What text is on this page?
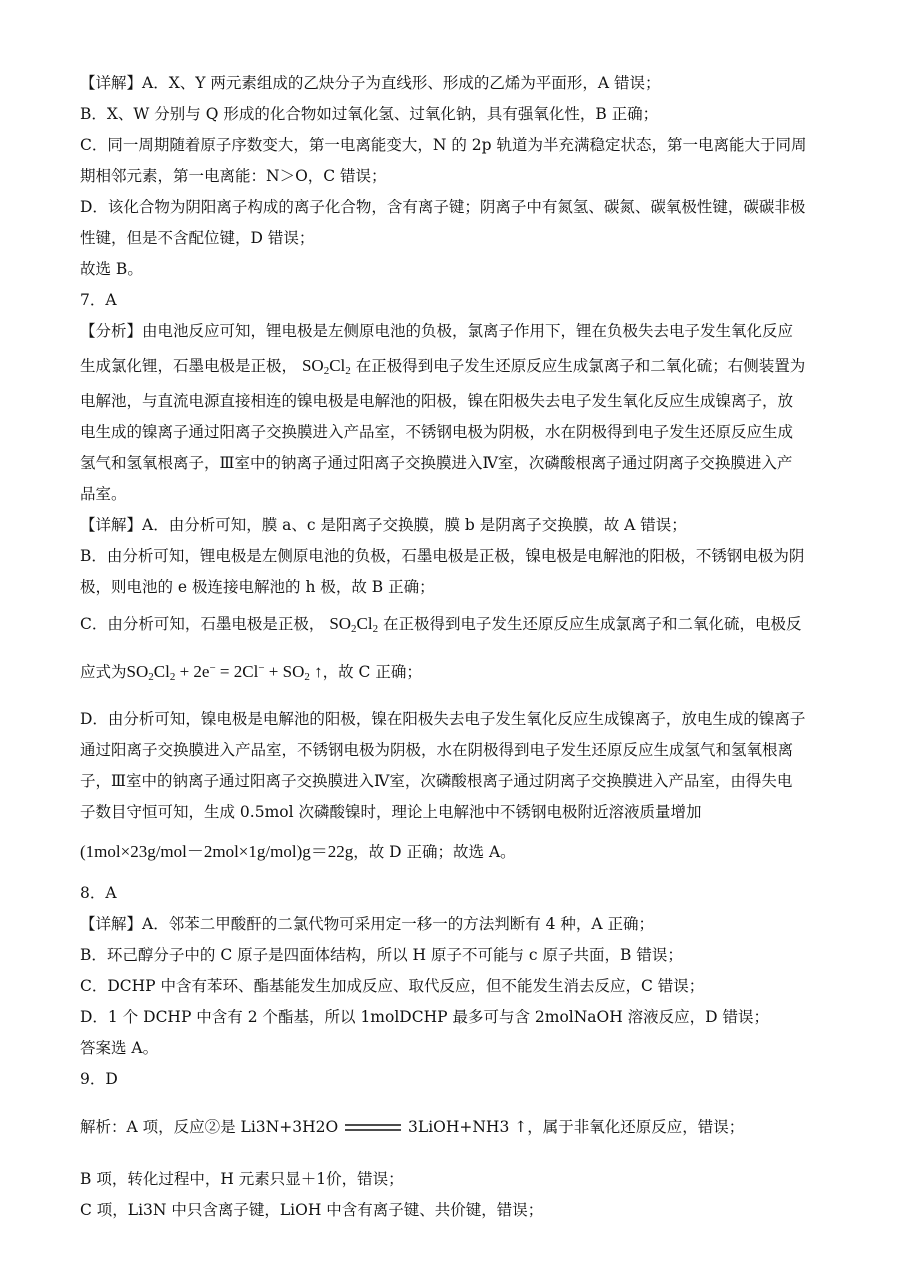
【详解】A．X、Y 两元素组成的乙炔分子为直线形、形成的乙烯为平面形，A 错误；
B．X、W 分别与 Q 形成的化合物如过氧化氢、过氧化钠，具有强氧化性，B 正确；
C．同一周期随着原子序数变大，第一电离能变大，N 的 2p 轨道为半充满稳定状态，第一电离能大于同周
期相邻元素，第一电离能：N＞O，C 错误；
D．该化合物为阴阳离子构成的离子化合物，含有离子键；阴离子中有氮氢、碳氮、碳氧极性键，碳碳非极
性键，但是不含配位键，D 错误；
故选 B。
7．A
【分析】由电池反应可知，锂电极是左侧原电池的负极，氯离子作用下，锂在负极失去电子发生氧化反应
生成氯化锂，石墨电极是正极， $SO_2Cl_2$ 在正极得到电子发生还原反应生成氯离子和二氧化硫；右侧装置为
电解池，与直流电源直接相连的镍电极是电解池的阳极，镍在阳极失去电子发生氧化反应生成镍离子，放
电生成的镍离子通过阳离子交换膜进入产品室，不锈钢电极为阴极，水在阴极得到电子发生还原反应生成
氢气和氢氧根离子，Ⅲ室中的钠离子通过阳离子交换膜进入Ⅳ室，次磷酸根离子通过阴离子交换膜进入产
品室。
【详解】A．由分析可知，膜 a、c 是阳离子交换膜，膜 b 是阴离子交换膜，故 A 错误；
B．由分析可知，锂电极是左侧原电池的负极，石墨电极是正极，镍电极是电解池的阳极，不锈钢电极为阴
极，则电池的 e 极连接电解池的 h 极，故 B 正确；
C．由分析可知，石墨电极是正极， $SO_2Cl_2$ 在正极得到电子发生还原反应生成氯离子和二氧化硫，电极反
应式为$SO_2Cl_2 + 2e^- = 2Cl^- + SO_2$ ↑，故 C 正确；
D．由分析可知，镍电极是电解池的阳极，镍在阳极失去电子发生氧化反应生成镍离子，放电生成的镍离子
通过阳离子交换膜进入产品室，不锈钢电极为阴极，水在阴极得到电子发生还原反应生成氢气和氢氧根离
子，Ⅲ室中的钠离子通过阳离子交换膜进入Ⅳ室，次磷酸根离子通过阴离子交换膜进入产品室，由得失电
子数目守恒可知，生成 0.5mol 次磷酸镍时，理论上电解池中不锈钢电极附近溶液质量增加
(1mol×23g/mol－2mol×1g/mol)g＝22g，故 D 正确；故选 A。
8．A
【详解】A．邻苯二甲酸酐的二氯代物可采用定一移一的方法判断有 4 种，A 正确；
B．环己醇分子中的 C 原子是四面体结构，所以 H 原子不可能与 c 原子共面，B 错误；
C．DCHP 中含有苯环、酯基能发生加成反应、取代反应，但不能发生消去反应，C 错误；
D．1 个 DCHP 中含有 2 个酯基，所以 1molDCHP 最多可与含 2molNaOH 溶液反应，D 错误；
答案选 A。
9．D
解析：A 项，反应②是 Li3N+3H2O	3LiOH+NH3 ↑，属于非氧化还原反应，错误；
B 项，转化过程中，H 元素只显＋1价，错误；
C 项，Li3N 中只含离子键，LiOH 中含有离子键、共价键，错误；
